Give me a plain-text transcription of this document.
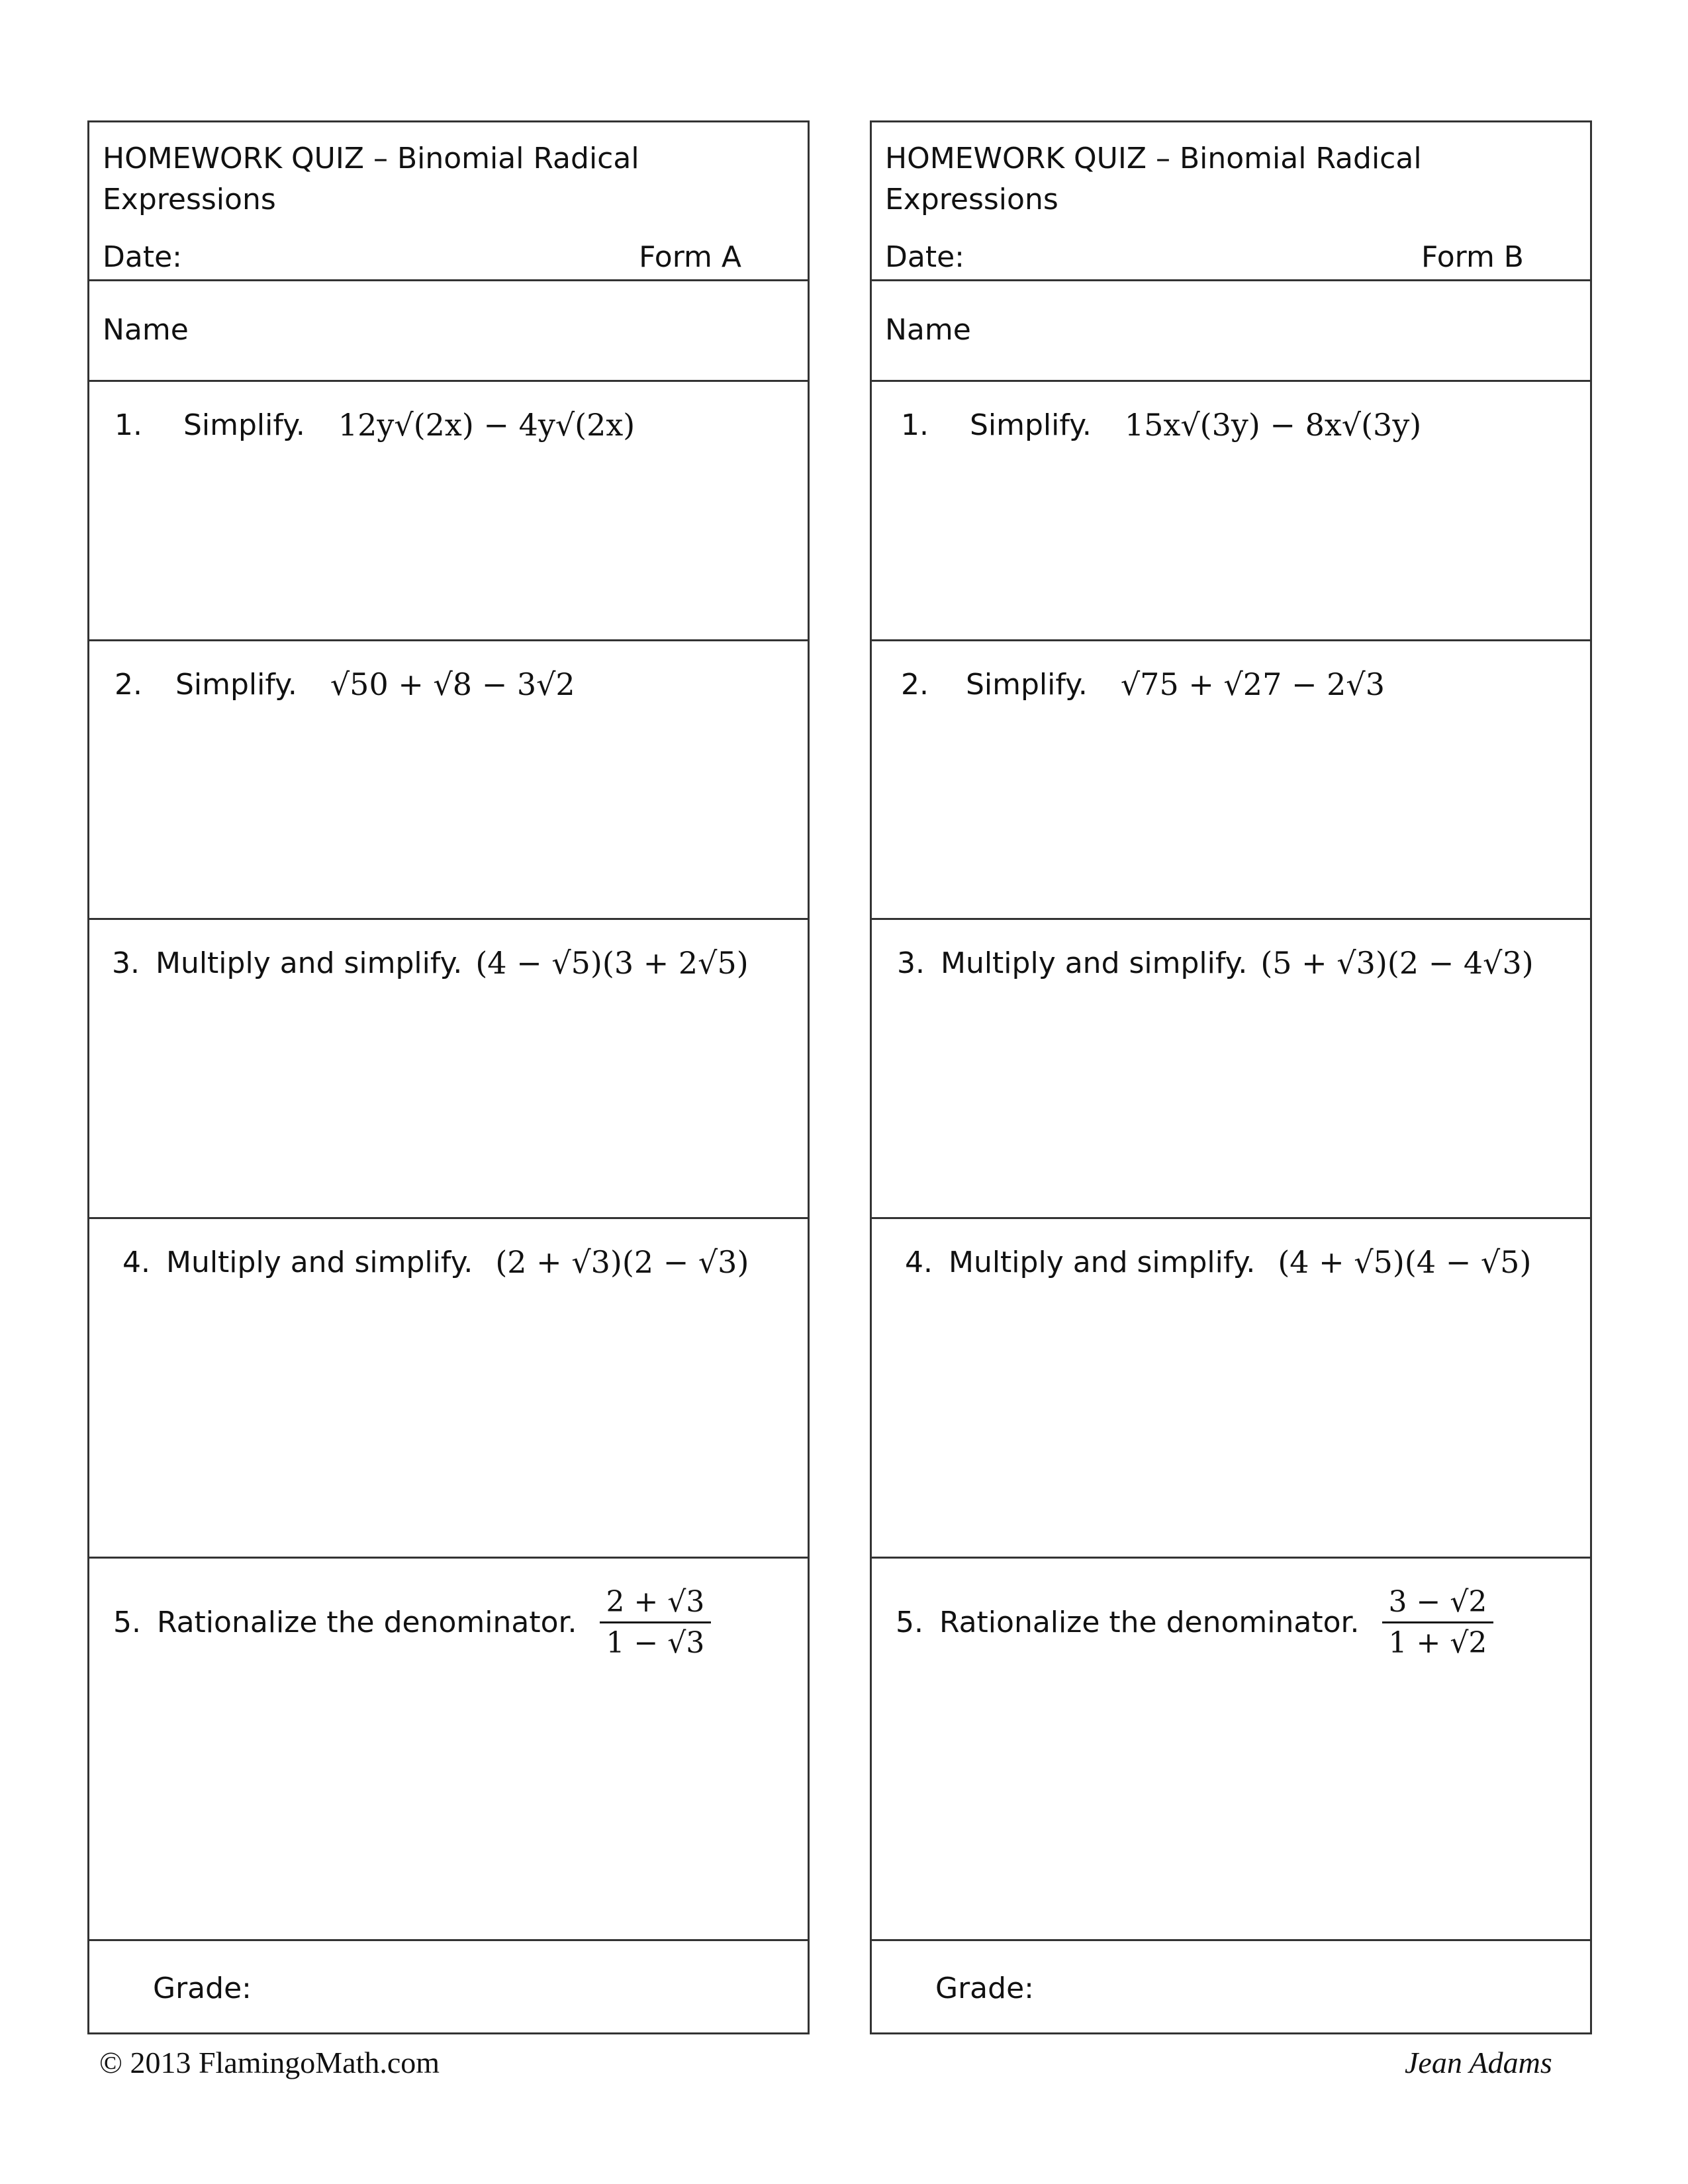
HOMEWORK QUIZ – Binomial Radical Expressions
Date:	Form A
Name
1. Simplify. 12y√(2x) − 4y√(2x)
2. Simplify. √50 + √8 − 3√2
3. Multiply and simplify. (4 − √5)(3 + 2√5)
4. Multiply and simplify. (2 + √3)(2 − √3)
5. Rationalize the denominator. $\frac{2 + √3}{1 - √3}$
Grade:
HOMEWORK QUIZ – Binomial Radical Expressions
Date:	Form B
Name
1. Simplify. 15x√(3y) − 8x√(3y)
2. Simplify. √75 + √27 − 2√3
3. Multiply and simplify. (5 + √3)(2 − 4√3)
4. Multiply and simplify. (4 + √5)(4 − √5)
5. Rationalize the denominator. $\frac{3 - √2}{1 + √2}$
Grade:
© 2013 FlamingoMath.com	Jean Adams
